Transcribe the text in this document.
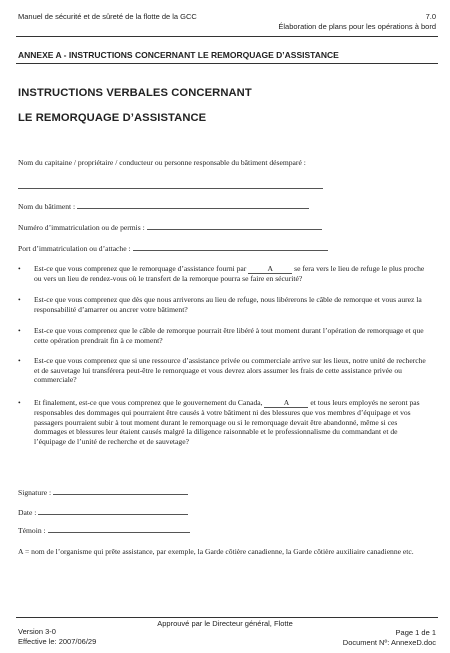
Manuel de sécurité et de sûreté de la flotte de la GCC	7.0
Élaboration de plans pour les opérations à bord
ANNEXE A - INSTRUCTIONS CONCERNANT LE REMORQUAGE D’ASSISTANCE
INSTRUCTIONS VERBALES CONCERNANT
LE REMORQUAGE D’ASSISTANCE
Nom du capitaine / propriétaire / conducteur ou personne responsable du bâtiment désemparé :
Nom du bâtiment :
Numéro d’immatriculation ou de permis :
Port d’immatriculation ou d’attache :
• Est-ce que vous comprenez que le remorquage d’assistance fourni par	A	se fera vers le lieu de refuge le plus proche ou vers un lieu de rendez-vous où le transfert de la remorque pourra se faire en sécurité?
• Est-ce que vous comprenez que dès que nous arriverons au lieu de refuge, nous libérerons le câble de remorque et vous aurez la responsabilité d’amarrer ou ancrer votre bâtiment?
• Est-ce que vous comprenez que le câble de remorque pourrait être libéré à tout moment durant l’opération de remorquage et que cette opération prendrait fin à ce moment?
• Est-ce que vous comprenez que si une ressource d’assistance privée ou commerciale arrive sur les lieux, notre unité de recherche et de sauvetage lui transférera peut-être le remorquage et vous devrez alors assumer les frais de cette assistance privée ou commerciale?
• Et finalement, est-ce que vous comprenez que le gouvernement du Canada,	A	et tous leurs employés ne seront pas responsables des dommages qui pourraient être causés à votre bâtiment ni des blessures que vos membres d’équipage et vos passagers pourraient subir à tout moment durant le remorquage ou si le remorquage devait être abandonné, même si ces dommages et blessures leur étaient causés malgré la diligence raisonnable et le professionnalisme du commandant et de l’équipage de l’unité de recherche et de sauvetage?
Signature :
Date :
Témoin :
A = nom de l’organisme qui prête assistance, par exemple, la Garde côtière canadienne, la Garde côtière auxiliaire canadienne etc.
Approuvé par le Directeur général, Flotte
Version 3-0
Effective le: 2007/06/29
Page 1 de 1
Document Nº: AnnexeD.doc
